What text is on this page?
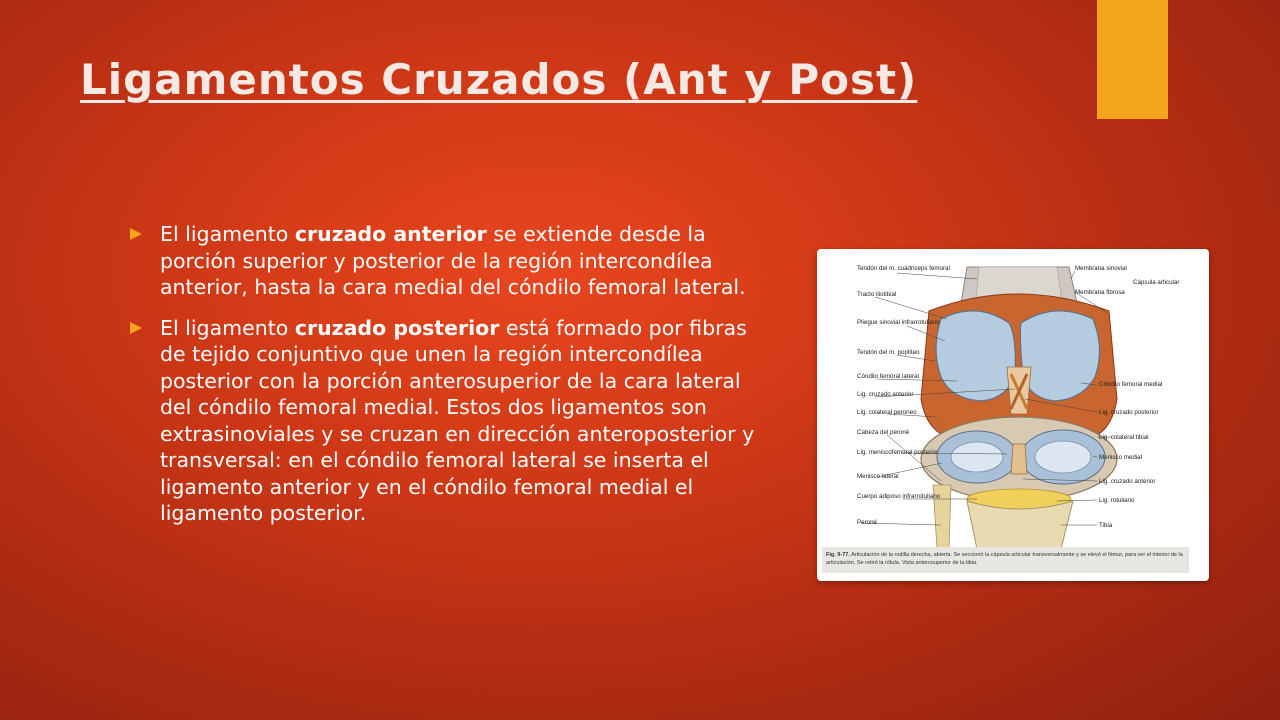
Ligamentos Cruzados (Ant y Post)
El ligamento cruzado anterior se extiende desde la porción superior y posterior de la región intercondílea anterior, hasta la cara medial del cóndilo femoral lateral.
El ligamento cruzado posterior está formado por fibras de tejido conjuntivo que unen la región intercondílea posterior con la porción anterosuperior de la cara lateral del cóndilo femoral medial. Estos dos ligamentos son extrasinoviales y se cruzan en dirección anteroposterior y transversal: en el cóndilo femoral lateral se inserta el ligamento anterior y en el cóndilo femoral medial el ligamento posterior.
Tendón del m. cuádriceps femoral
Tracto iliotibial
Pliegue sinovial infrarrotuliano
Tendón del m. poplíteo
Cóndilo femoral lateral
Lig. cruzado anterior
Lig. colateral peroneo
Cabeza del peroné
Lig. meniscofemoral posterior
Menisco lateral
Cuerpo adiposo infrarrotuliano
Peroné
Membrana sinovial
Cápsula articular
Membrana fibrosa
Cóndilo femoral medial
Lig. cruzado posterior
Lig. colateral tibial
Menisco medial
Lig. cruzado anterior
Lig. rotuliano
Tibia
Fig. 9-77. Articulación de la rodilla derecha, abierta. Se seccionó la cápsula articular transversalmente y se elevó el fémur, para ver el interior de la articulación. Se retiró la rótula. Vista anterosuperior de la tibia.
